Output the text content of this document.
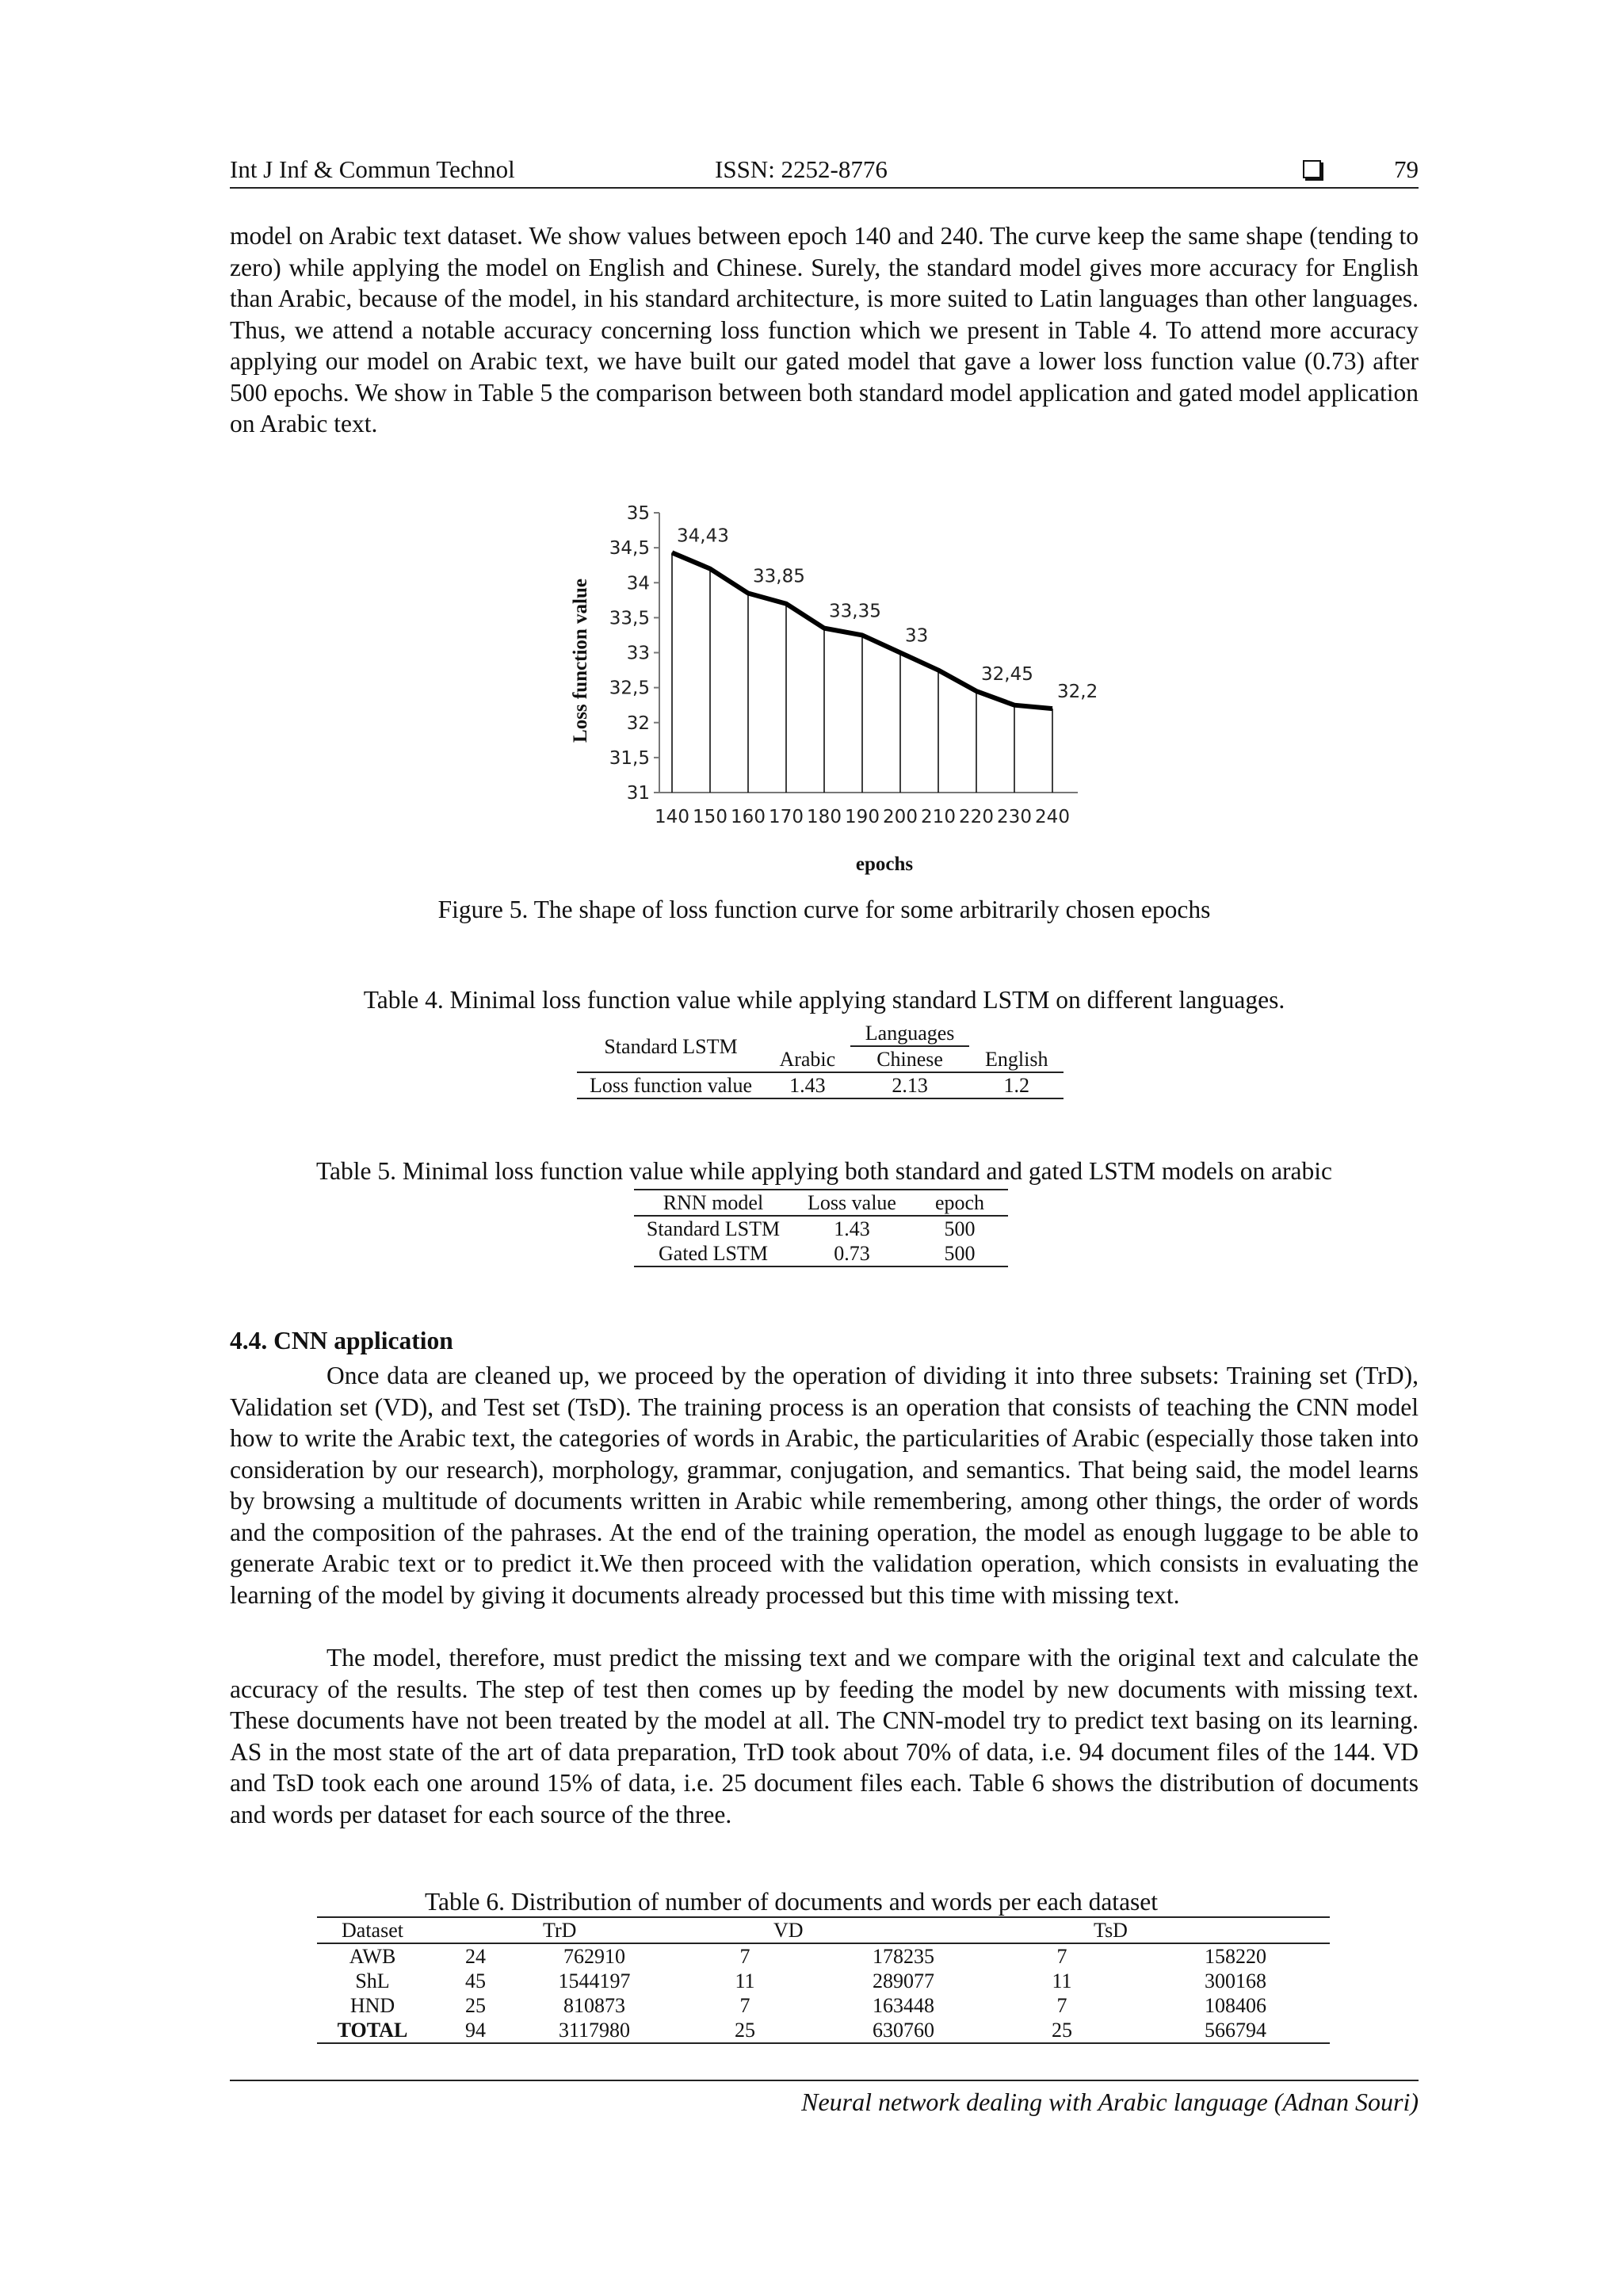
Int J Inf & Commun Technol	ISSN: 2252-8776	79

model on Arabic text dataset. We show values between epoch 140 and 240. The curve keep the same shape (tending to zero) while applying the model on English and Chinese. Surely, the standard model gives more accuracy for English than Arabic, because of the model, in his standard architecture, is more suited to Latin languages than other languages. Thus, we attend a notable accuracy concerning loss function which we present in Table 4. To attend more accuracy applying our model on Arabic text, we have built our gated model that gave a lower loss function value (0.73) after 500 epochs. We show in Table 5 the comparison between both standard model application and gated model application on Arabic text.

31
31,5
32
32,5
33
33,5
34
34,5
35
140 150 160 170 180 190 200 210 220 230 240
34,43
33,85
33,35
33
32,45
32,2
epochs
Loss function value
Figure 5. The shape of loss function curve for some arbitrarily chosen epochs
Table 4. Minimal loss function value while applying standard LSTM on different languages.
Standard LSTM		Languages	
	Arabic	Chinese	English
Loss function value	1.43	2.13	1.2
Table 5. Minimal loss function value while applying both standard and gated LSTM models on arabic
RNN model	Loss value	epoch
Standard LSTM	1.43	500
Gated LSTM	0.73	500
4.4. CNN application

Once data are cleaned up, we proceed by the operation of dividing it into three subsets: Training set (TrD), Validation set (VD), and Test set (TsD). The training process is an operation that consists of teaching the CNN model how to write the Arabic text, the categories of words in Arabic, the particularities of Arabic (especially those taken into consideration by our research), morphology, grammar, conjugation, and semantics. That being said, the model learns by browsing a multitude of documents written in Arabic while remembering, among other things, the order of words and the composition of the pahrases. At the end of the training operation, the model as enough luggage to be able to generate Arabic text or to predict it.We then proceed with the validation operation, which consists in evaluating the learning of the model by giving it documents already processed but this time with missing text.

The model, therefore, must predict the missing text and we compare with the original text and calculate the accuracy of the results. The step of test then comes up by feeding the model by new documents with missing text. These documents have not been treated by the model at all. The CNN-model try to predict text basing on its learning. AS in the most state of the art of data preparation, TrD took about 70% of data, i.e. 94 document files of the 144. VD and TsD took each one around 15% of data, i.e. 25 document files each. Table 6 shows the distribution of documents and words per dataset for each source of the three.

Table 6. Distribution of number of documents and words per each dataset
Dataset	TrD		VD		TsD	
AWB	24	762910	7	178235	7	158220
ShL	45	1544197	11	289077	11	300168
HND	25	810873	7	163448	7	108406
TOTAL	94	3117980	25	630760	25	566794
Neural network dealing with Arabic language (Adnan Souri)
